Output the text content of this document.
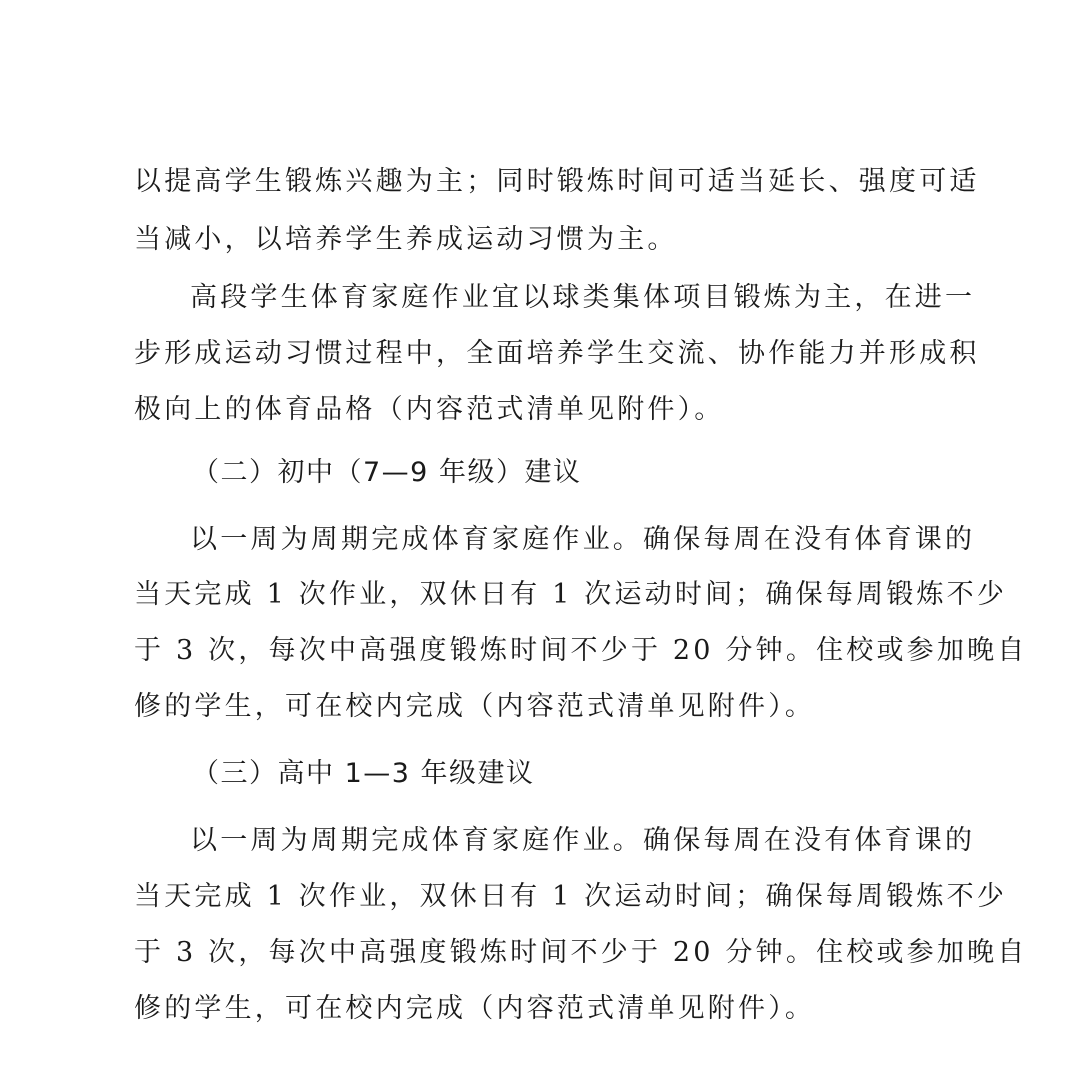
以提高学生锻炼兴趣为主；同时锻炼时间可适当延长、强度可适
当减小，以培养学生养成运动习惯为主。
高段学生体育家庭作业宜以球类集体项目锻炼为主，在进一
步形成运动习惯过程中，全面培养学生交流、协作能力并形成积
极向上的体育品格（内容范式清单见附件）。
（二）初中（7—9 年级）建议
以一周为周期完成体育家庭作业。确保每周在没有体育课的
当天完成 1 次作业，双休日有 1 次运动时间；确保每周锻炼不少
于 3 次，每次中高强度锻炼时间不少于 20 分钟。住校或参加晚自
修的学生，可在校内完成（内容范式清单见附件）。
（三）高中 1—3 年级建议
以一周为周期完成体育家庭作业。确保每周在没有体育课的
当天完成 1 次作业，双休日有 1 次运动时间；确保每周锻炼不少
于 3 次，每次中高强度锻炼时间不少于 20 分钟。住校或参加晚自
修的学生，可在校内完成（内容范式清单见附件）。
